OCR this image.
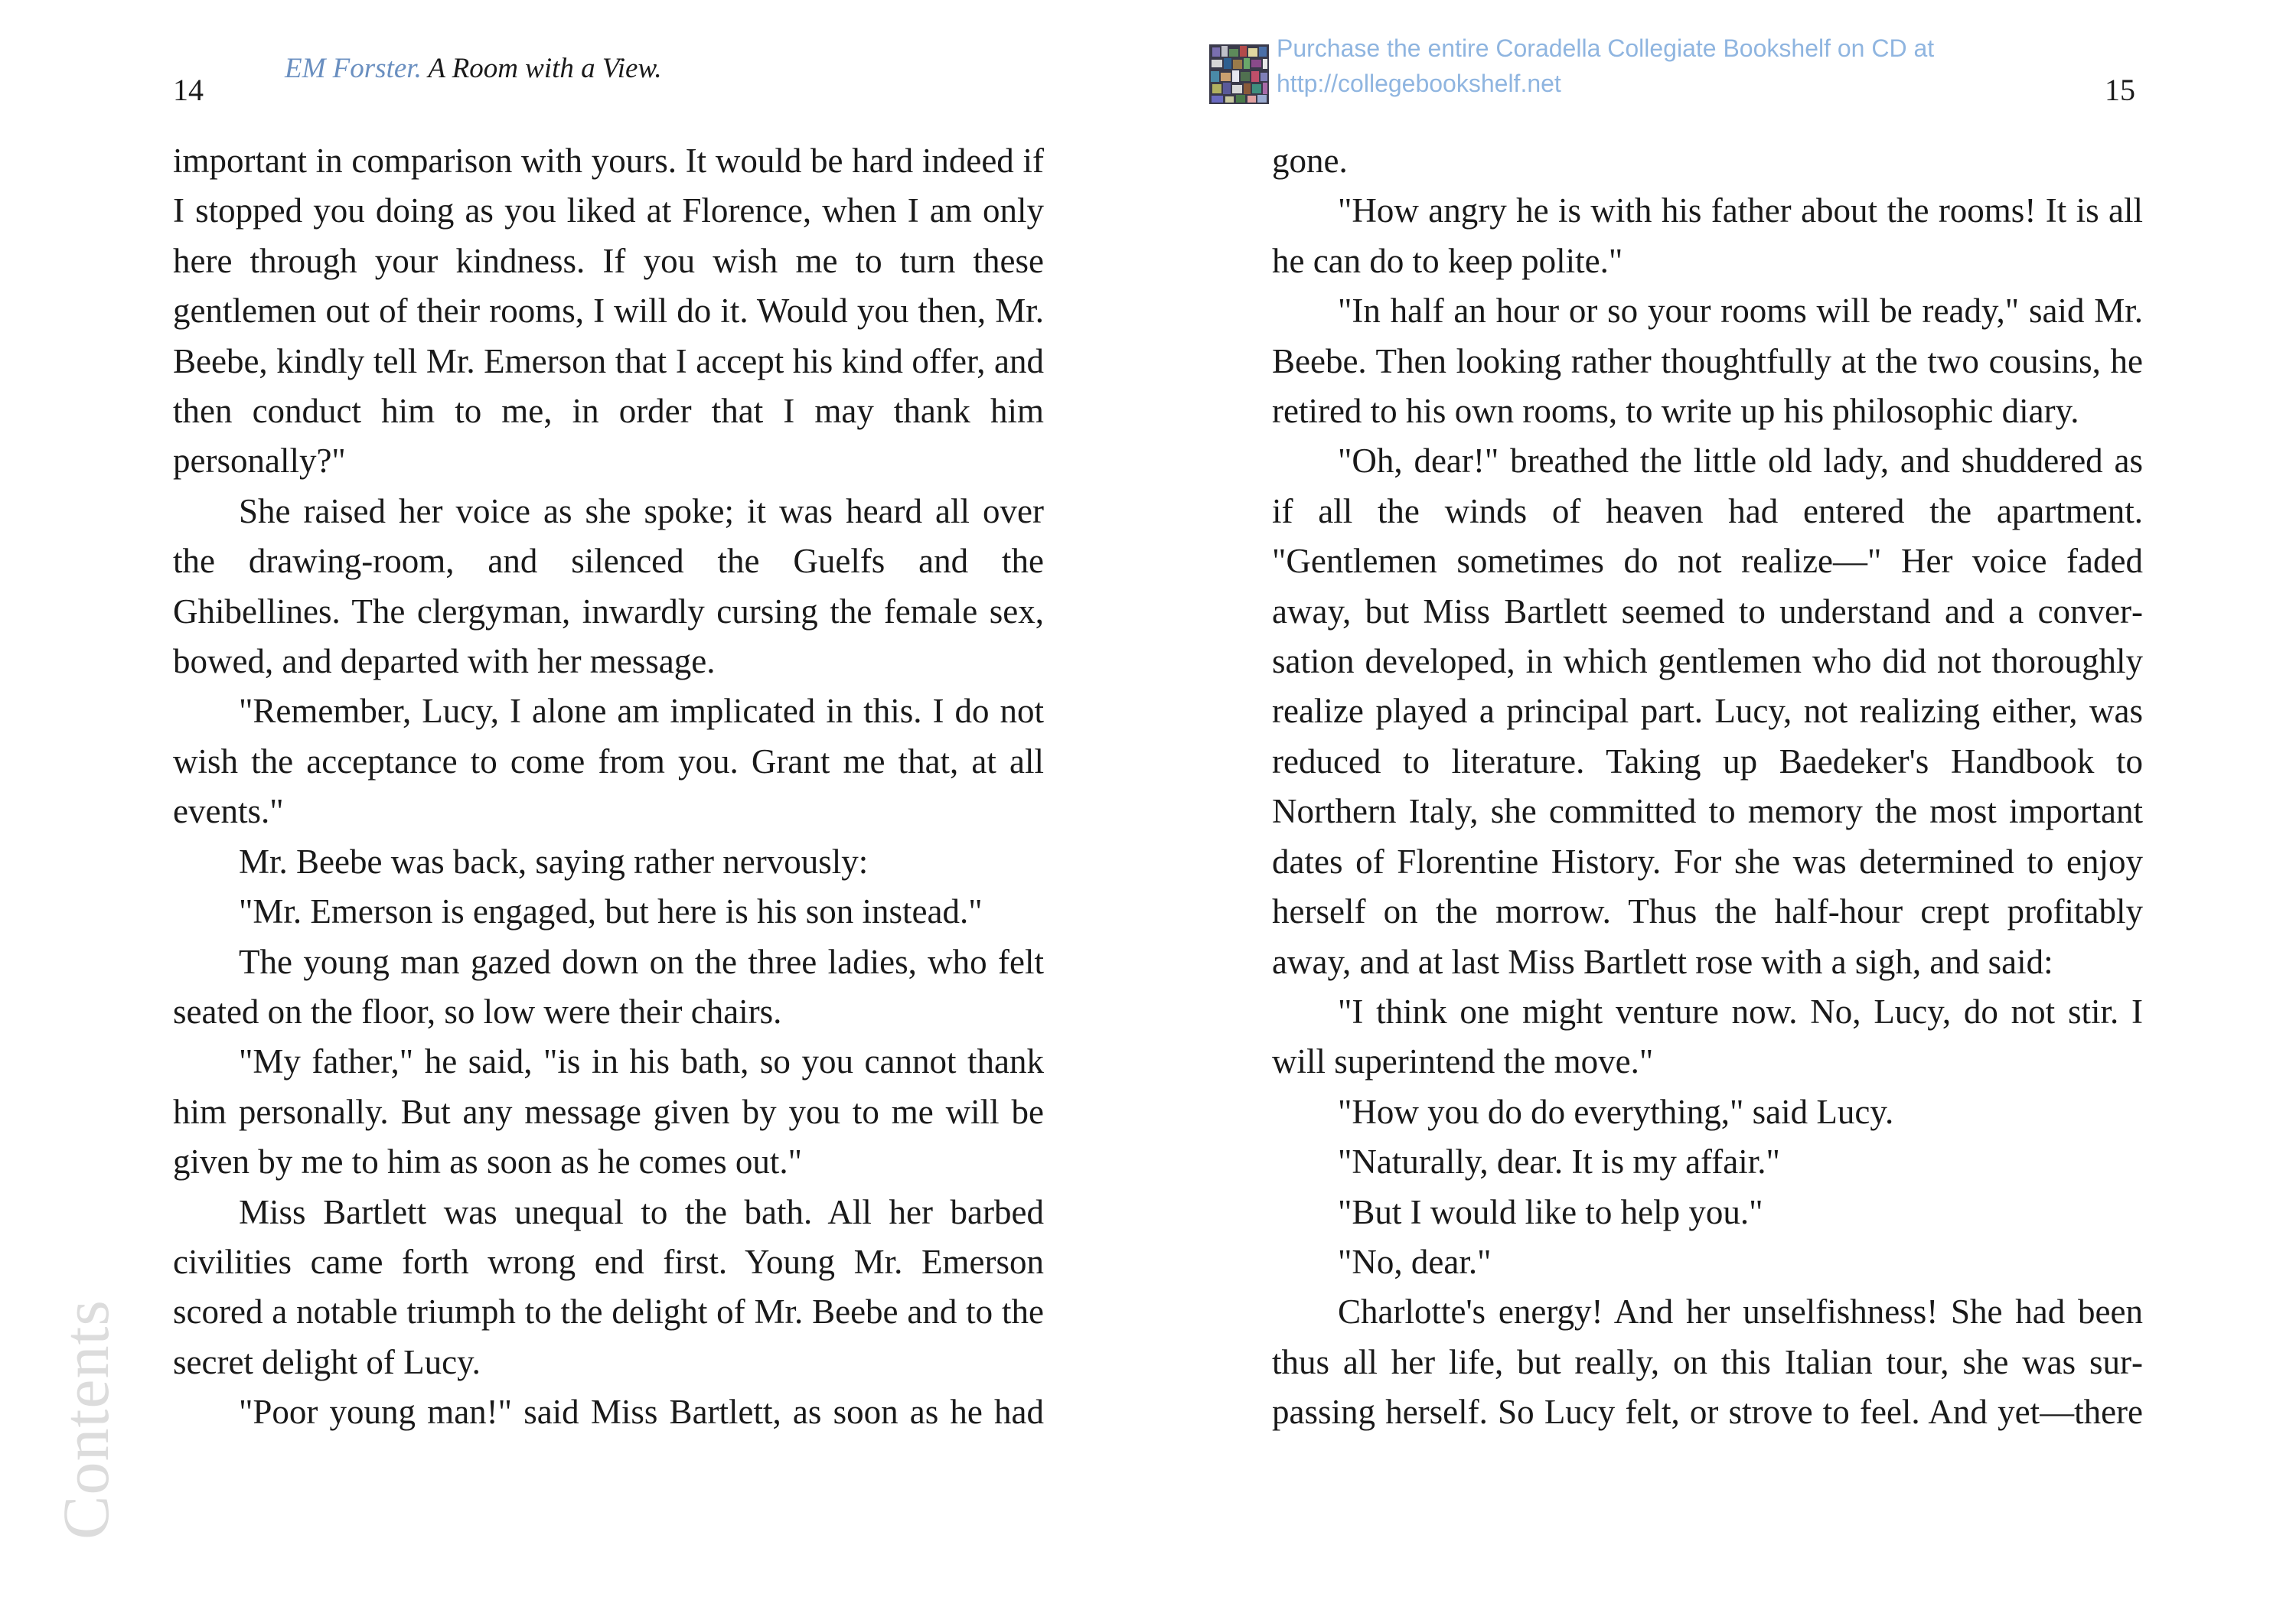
14
EM Forster. A Room with a View.

important in comparison with yours. It would be hard indeed if I stopped you doing as you liked at Florence, when I am only here through your kindness. If you wish me to turn these gentlemen out of their rooms, I will do it. Would you then, Mr. Beebe, kindly tell Mr. Emerson that I accept his kind offer, and then conduct him to me, in order that I may thank him personally?"

She raised her voice as she spoke; it was heard all over the drawing-room, and silenced the Guelfs and the Ghibellines. The clergyman, inwardly cursing the female sex, bowed, and departed with her message.

"Remember, Lucy, I alone am implicated in this. I do not wish the acceptance to come from you. Grant me that, at all events."

Mr. Beebe was back, saying rather nervously:

"Mr. Emerson is engaged, but here is his son instead."

The young man gazed down on the three ladies, who felt seated on the floor, so low were their chairs.

"My father," he said, "is in his bath, so you cannot thank him personally. But any message given by you to me will be given by me to him as soon as he comes out."

Miss Bartlett was unequal to the bath. All her barbed civilities came forth wrong end first. Young Mr. Emerson scored a notable triumph to the delight of Mr. Beebe and to the secret delight of Lucy.

"Poor young man!" said Miss Bartlett, as soon as he had

Contents
Purchase the entire Coradella Collegiate Bookshelf on CD at
http://collegebookshelf.net	15

gone.

"How angry he is with his father about the rooms! It is all he can do to keep polite."

"In half an hour or so your rooms will be ready," said Mr. Beebe. Then looking rather thoughtfully at the two cousins, he retired to his own rooms, to write up his philosophic diary.

"Oh, dear!" breathed the little old lady, and shuddered as if all the winds of heaven had entered the apartment. "Gentlemen sometimes do not realize—" Her voice faded away, but Miss Bartlett seemed to understand and a conversation developed, in which gentlemen who did not thoroughly realize played a principal part. Lucy, not realizing either, was reduced to literature. Taking up Baedeker's Handbook to Northern Italy, she committed to memory the most important dates of Florentine History. For she was determined to enjoy herself on the morrow. Thus the half-hour crept profitably away, and at last Miss Bartlett rose with a sigh, and said:

"I think one might venture now. No, Lucy, do not stir. I will superintend the move."

"How you do do everything," said Lucy.

"Naturally, dear. It is my affair."

"But I would like to help you."

"No, dear."

Charlotte's energy! And her unselfishness! She had been thus all her life, but really, on this Italian tour, she was surpassing herself. So Lucy felt, or strove to feel. And yet—there
